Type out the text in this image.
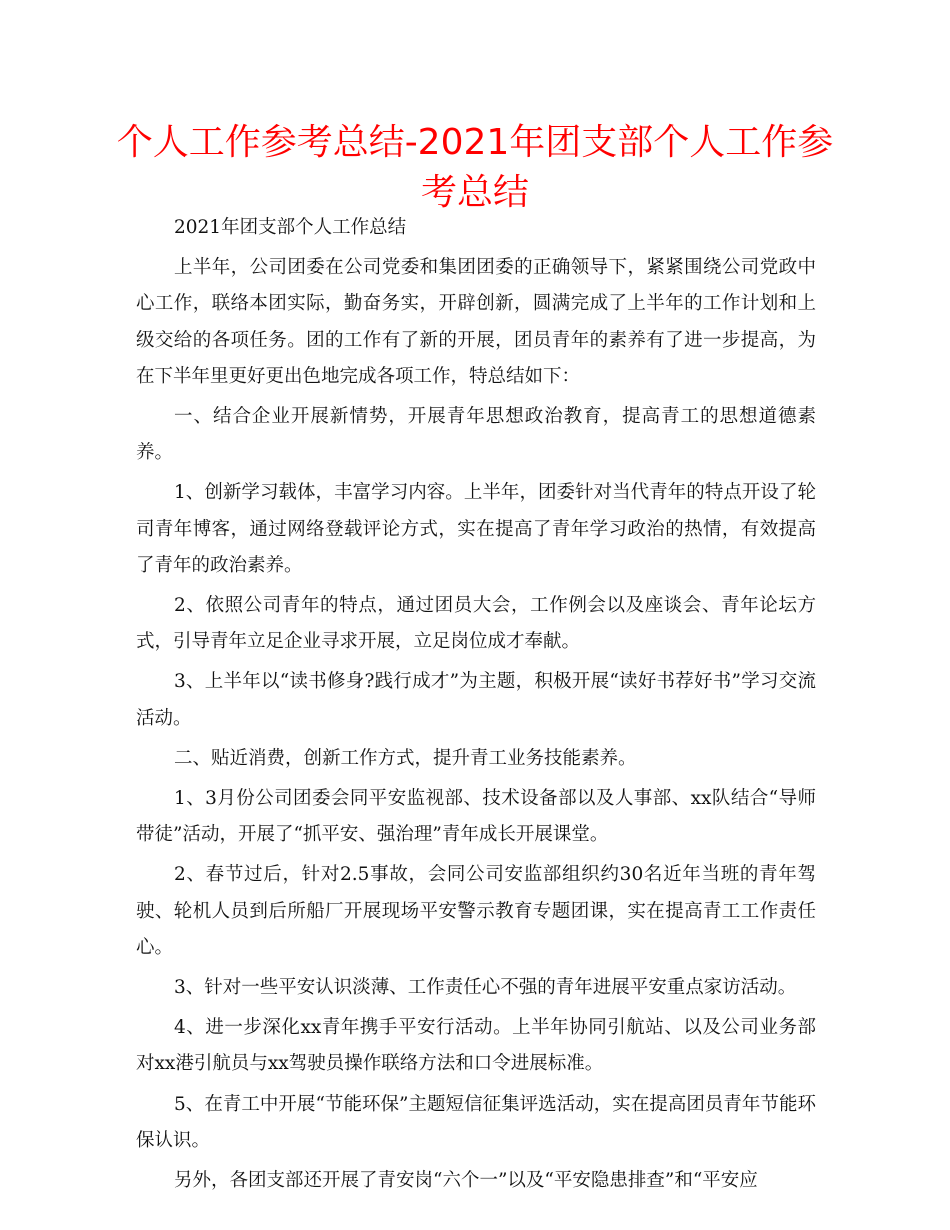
个人工作参考总结-2021年团支部个人工作参考总结

2021年团支部个人工作总结

上半年，公司团委在公司党委和集团团委的正确领导下，紧紧围绕公司党政中心工作，联络本团实际，勤奋务实，开辟创新，圆满完成了上半年的工作计划和上级交给的各项任务。团的工作有了新的开展，团员青年的素养有了进一步提高，为在下半年里更好更出色地完成各项工作，特总结如下：

一、结合企业开展新情势，开展青年思想政治教育，提高青工的思想道德素养。

1、创新学习载体，丰富学习内容。上半年，团委针对当代青年的特点开设了轮司青年博客，通过网络登载评论方式，实在提高了青年学习政治的热情，有效提高了青年的政治素养。

2、依照公司青年的特点，通过团员大会，工作例会以及座谈会、青年论坛方式，引导青年立足企业寻求开展，立足岗位成才奉献。

3、上半年以“读书修身?践行成才”为主题，积极开展“读好书荐好书”学习交流活动。

二、贴近消费，创新工作方式，提升青工业务技能素养。

1、3月份公司团委会同平安监视部、技术设备部以及人事部、xx队结合“导师带徒”活动，开展了“抓平安、强治理”青年成长开展课堂。

2、春节过后，针对2.5事故，会同公司安监部组织约30名近年当班的青年驾驶、轮机人员到后所船厂开展现场平安警示教育专题团课，实在提高青工工作责任心。

3、针对一些平安认识淡薄、工作责任心不强的青年进展平安重点家访活动。

4、进一步深化xx青年携手平安行活动。上半年协同引航站、以及公司业务部对xx港引航员与xx驾驶员操作联络方法和口令进展标准。

5、在青工中开展“节能环保”主题短信征集评选活动，实在提高团员青年节能环保认识。

另外，各团支部还开展了青安岗“六个一”以及“平安隐患排查”和“平安应
